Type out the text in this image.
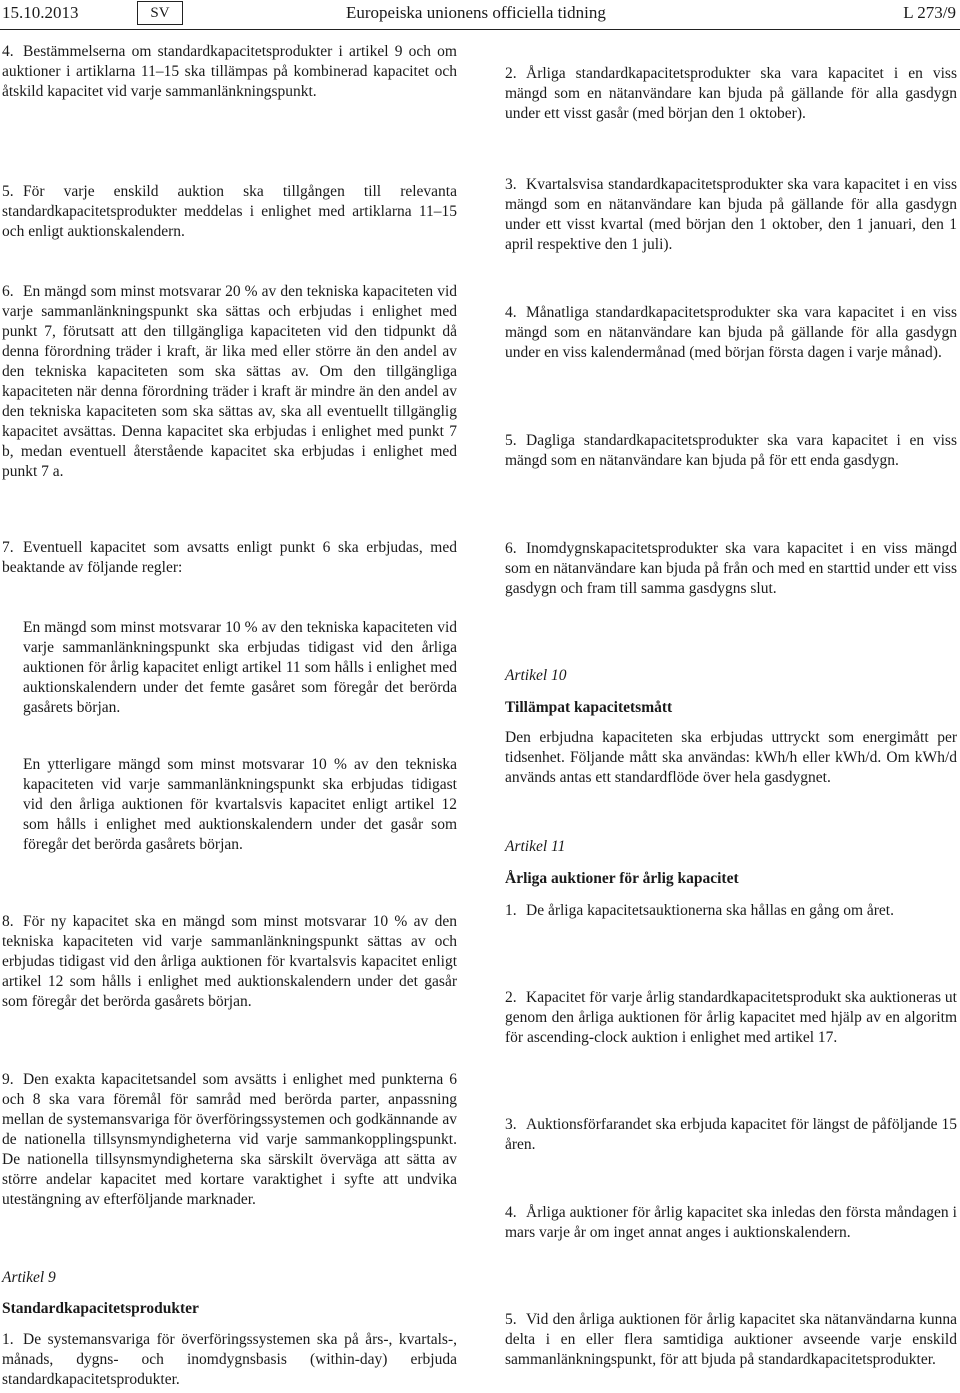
15.10.2013	SV	Europeiska unionens officiella tidning	L 273/9

4. Bestämmelserna om standardkapacitetsprodukter i artikel 9 och om auktioner i artiklarna 11–15 ska tillämpas på kombinerad kapacitet och åtskild kapacitet vid varje sammanlänkningspunkt.

5. För varje enskild auktion ska tillgången till relevanta standardkapacitetsprodukter meddelas i enlighet med artiklarna 11–15 och enligt auktionskalendern.

6. En mängd som minst motsvarar 20 % av den tekniska kapaciteten vid varje sammanlänkningspunkt ska sättas och erbjudas i enlighet med punkt 7, förutsatt att den tillgängliga kapaciteten vid den tidpunkt då denna förordning träder i kraft, är lika med eller större än den andel av den tekniska kapaciteten som ska sättas av. Om den tillgängliga kapaciteten när denna förordning träder i kraft är mindre än den andel av den tekniska kapaciteten som ska sättas av, ska all eventuellt tillgänglig kapacitet avsättas. Denna kapacitet ska erbjudas i enlighet med punkt 7 b, medan eventuell återstående kapacitet ska erbjudas i enlighet med punkt 7 a.

7. Eventuell kapacitet som avsatts enligt punkt 6 ska erbjudas, med beaktande av följande regler:

En mängd som minst motsvarar 10 % av den tekniska kapaciteten vid varje sammanlänkningspunkt ska erbjudas tidigast vid den årliga auktionen för årlig kapacitet enligt artikel 11 som hålls i enlighet med auktionskalendern under det femte gasåret som föregår det berörda gasårets början.

En ytterligare mängd som minst motsvarar 10 % av den tekniska kapaciteten vid varje sammanlänkningspunkt ska erbjudas tidigast vid den årliga auktionen för kvartalsvis kapacitet enligt artikel 12 som hålls i enlighet med auktionskalendern under det gasår som föregår det berörda gasårets början.

8. För ny kapacitet ska en mängd som minst motsvarar 10 % av den tekniska kapaciteten vid varje sammanlänkningspunkt sättas av och erbjudas tidigast vid den årliga auktionen för kvartalsvis kapacitet enligt artikel 12 som hålls i enlighet med auktionskalendern under det gasår som föregår det berörda gasårets början.

9. Den exakta kapacitetsandel som avsätts i enlighet med punkterna 6 och 8 ska vara föremål för samråd med berörda parter, anpassning mellan de systemansvariga för överföringssystemen och godkännande av de nationella tillsynsmyndigheterna vid varje sammankopplingspunkt. De nationella tillsynsmyndigheterna ska särskilt överväga att sätta av större andelar kapacitet med kortare varaktighet i syfte att undvika utestängning av efterföljande marknader.

Artikel 9

Standardkapacitetsprodukter

1. De systemansvariga för överföringssystemen ska på års-, kvartals-, månads, dygns- och inomdygnsbasis (within-day) erbjuda standardkapacitetsprodukter.

2. Årliga standardkapacitetsprodukter ska vara kapacitet i en viss mängd som en nätanvändare kan bjuda på gällande för alla gasdygn under ett visst gasår (med början den 1 oktober).

3. Kvartalsvisa standardkapacitetsprodukter ska vara kapacitet i en viss mängd som en nätanvändare kan bjuda på gällande för alla gasdygn under ett visst kvartal (med början den 1 oktober, den 1 januari, den 1 april respektive den 1 juli).

4. Månatliga standardkapacitetsprodukter ska vara kapacitet i en viss mängd som en nätanvändare kan bjuda på gällande för alla gasdygn under en viss kalendermånad (med början första dagen i varje månad).

5. Dagliga standardkapacitetsprodukter ska vara kapacitet i en viss mängd som en nätanvändare kan bjuda på för ett enda gasdygn.

6. Inomdygnskapacitetsprodukter ska vara kapacitet i en viss mängd som en nätanvändare kan bjuda på från och med en starttid under ett viss gasdygn och fram till samma gasdygns slut.

Artikel 10

Tillämpat kapacitetsmått

Den erbjudna kapaciteten ska erbjudas uttryckt som energimått per tidsenhet. Följande mått ska användas: kWh/h eller kWh/d. Om kWh/d används antas ett standardflöde över hela gasdygnet.

Artikel 11

Årliga auktioner för årlig kapacitet

1. De årliga kapacitetsauktionerna ska hållas en gång om året.

2. Kapacitet för varje årlig standardkapacitetsprodukt ska auktioneras ut genom den årliga auktionen för årlig kapacitet med hjälp av en algoritm för ascending-clock auktion i enlighet med artikel 17.

3. Auktionsförfarandet ska erbjuda kapacitet för längst de påföljande 15 åren.

4. Årliga auktioner för årlig kapacitet ska inledas den första måndagen i mars varje år om inget annat anges i auktionskalendern.

5. Vid den årliga auktionen för årlig kapacitet ska nätanvändarna kunna delta i en eller flera samtidiga auktioner avseende varje enskild sammanlänkningspunkt, för att bjuda på standardkapacitetsprodukter.
